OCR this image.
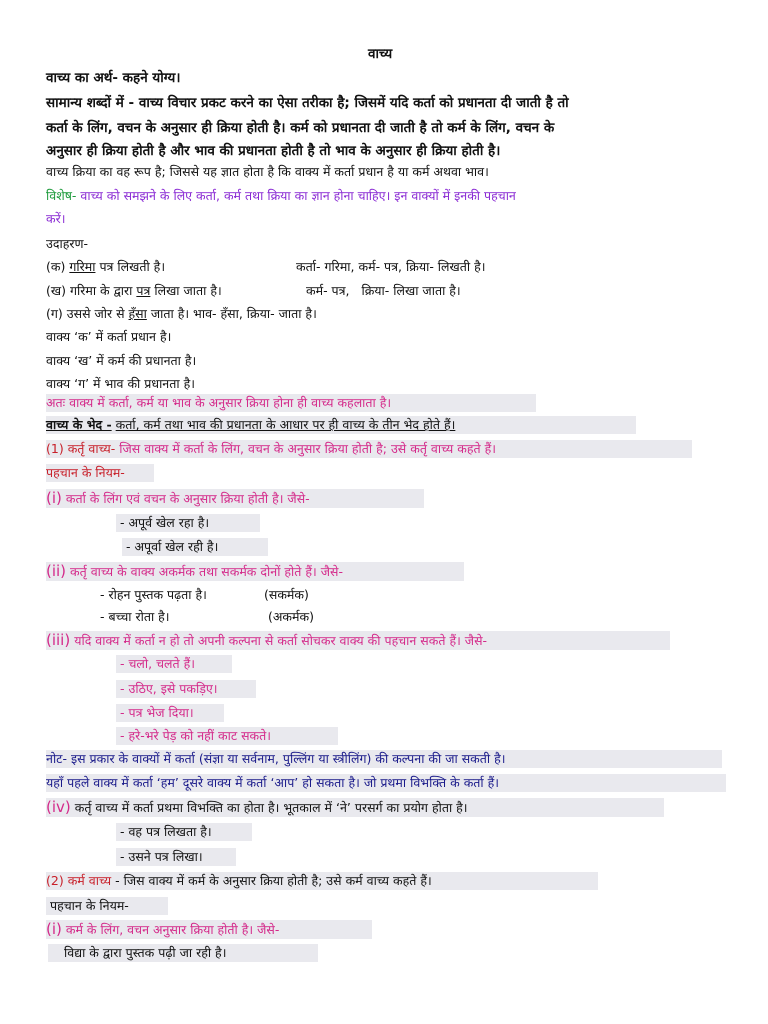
वाच्य
वाच्य का अर्थ- कहने योग्य।
सामान्य शब्दों में - वाच्य विचार प्रकट करने का ऐसा तरीका है; जिसमें यदि कर्ता को प्रधानता दी जाती है तो
कर्ता के लिंग, वचन के अनुसार ही क्रिया होती है। कर्म को प्रधानता दी जाती है तो कर्म के लिंग, वचन के
अनुसार ही क्रिया होती है और भाव की प्रधानता होती है तो भाव के अनुसार ही क्रिया होती है।
वाच्य क्रिया का वह रूप है; जिससे यह ज्ञात होता है कि वाक्य में कर्ता प्रधान है या कर्म अथवा भाव।
विशेष- वाच्य को समझने के लिए कर्ता, कर्म तथा क्रिया का ज्ञान होना चाहिए। इन वाक्यों में इनकी पहचान
करें।
उदाहरण-
(क) गरिमा पत्र लिखती है।	कर्ता- गरिमा, कर्म- पत्र, क्रिया- लिखती है।
(ख) गरिमा के द्वारा पत्र लिखा जाता है।	कर्म- पत्र, क्रिया- लिखा जाता है।
(ग) उससे जोर से हँसा जाता है। भाव- हँसा, क्रिया- जाता है।
वाक्य ‘क’ में कर्ता प्रधान है।
वाक्य ‘ख’ में कर्म की प्रधानता है।
वाक्य ‘ग’ में भाव की प्रधानता है।
अतः वाक्य में कर्ता, कर्म या भाव के अनुसार क्रिया होना ही वाच्य कहलाता है।
वाच्य के भेद - कर्ता, कर्म तथा भाव की प्रधानता के आधार पर ही वाच्य के तीन भेद होते हैं।
(1) कर्तृ वाच्य- जिस वाक्य में कर्ता के लिंग, वचन के अनुसार क्रिया होती है; उसे कर्तृ वाच्य कहते हैं।
पहचान के नियम-
(i) कर्ता के लिंग एवं वचन के अनुसार क्रिया होती है। जैसे-
- अपूर्व खेल रहा है।
- अपूर्वा खेल रही है।
(ii) कर्तृ वाच्य के वाक्य अकर्मक तथा सकर्मक दोनों होते हैं। जैसे-
- रोहन पुस्तक पढ़ता है।	(सकर्मक)
- बच्चा रोता है।	(अकर्मक)
(iii) यदि वाक्य में कर्ता न हो तो अपनी कल्पना से कर्ता सोचकर वाक्य की पहचान सकते हैं। जैसे-
- चलो, चलते हैं।
- उठिए, इसे पकड़िए।
- पत्र भेज दिया।
- हरे-भरे पेड़ को नहीं काट सकते।
नोट- इस प्रकार के वाक्यों में कर्ता (संज्ञा या सर्वनाम, पुल्लिंग या स्त्रीलिंग) की कल्पना की जा सकती है।
यहाँ पहले वाक्य में कर्ता ‘हम’ दूसरे वाक्य में कर्ता ‘आप’ हो सकता है। जो प्रथमा विभक्ति के कर्ता हैं।
(iv) कर्तृ वाच्य में कर्ता प्रथमा विभक्ति का होता है। भूतकाल में ‘ने’ परसर्ग का प्रयोग होता है।
- वह पत्र लिखता है।
- उसने पत्र लिखा।
(2) कर्म वाच्य - जिस वाक्य में कर्म के अनुसार क्रिया होती है; उसे कर्म वाच्य कहते हैं।
पहचान के नियम-
(i) कर्म के लिंग, वचन अनुसार क्रिया होती है। जैसे-
विद्या के द्वारा पुस्तक पढ़ी जा रही है।
